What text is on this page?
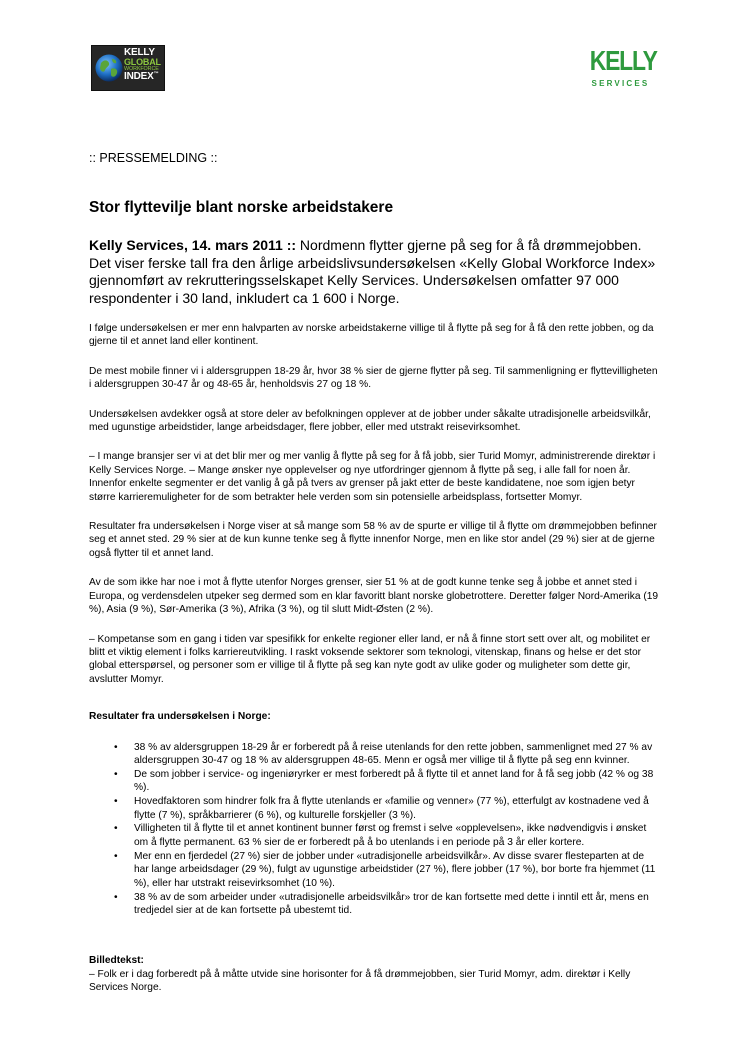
KELLY
GLOBAL
WORKFORCE
INDEX™	KELLY
SERVICES

:: PRESSEMELDING ::

Stor flyttevilje blant norske arbeidstakere

Kelly Services, 14. mars 2011 :: Nordmenn flytter gjerne på seg for å få drømmejobben. Det viser ferske tall fra den årlige arbeidslivsundersøkelsen «Kelly Global Workforce Index» gjennomført av rekrutteringsselskapet Kelly Services. Undersøkelsen omfatter 97 000 respondenter i 30 land, inkludert ca 1 600 i Norge.

I følge undersøkelsen er mer enn halvparten av norske arbeidstakerne villige til å flytte på seg for å få den rette jobben, og da gjerne til et annet land eller kontinent.

De mest mobile finner vi i aldersgruppen 18-29 år, hvor 38 % sier de gjerne flytter på seg. Til sammenligning er flyttevilligheten i aldersgruppen 30-47 år og 48-65 år, henholdsvis 27 og 18 %.

Undersøkelsen avdekker også at store deler av befolkningen opplever at de jobber under såkalte utradisjonelle arbeidsvilkår, med ugunstige arbeidstider, lange arbeidsdager, flere jobber, eller med utstrakt reisevirksomhet.

– I mange bransjer ser vi at det blir mer og mer vanlig å flytte på seg for å få jobb, sier Turid Momyr, administrerende direktør i Kelly Services Norge. – Mange ønsker nye opplevelser og nye utfordringer gjennom å flytte på seg, i alle fall for noen år. Innenfor enkelte segmenter er det vanlig å gå på tvers av grenser på jakt etter de beste kandidatene, noe som igjen betyr større karrieremuligheter for de som betrakter hele verden som sin potensielle arbeidsplass, fortsetter Momyr.

Resultater fra undersøkelsen i Norge viser at så mange som 58 % av de spurte er villige til å flytte om drømmejobben befinner seg et annet sted. 29 % sier at de kun kunne tenke seg å flytte innenfor Norge, men en like stor andel (29 %) sier at de gjerne også flytter til et annet land.

Av de som ikke har noe i mot å flytte utenfor Norges grenser, sier 51 % at de godt kunne tenke seg å jobbe et annet sted i Europa, og verdensdelen utpeker seg dermed som en klar favoritt blant norske globetrottere. Deretter følger Nord-Amerika (19 %), Asia (9 %), Sør-Amerika (3 %), Afrika (3 %), og til slutt Midt-Østen (2 %).

– Kompetanse som en gang i tiden var spesifikk for enkelte regioner eller land, er nå å finne stort sett over alt, og mobilitet er blitt et viktig element i folks karriereutvikling. I raskt voksende sektorer som teknologi, vitenskap, finans og helse er det stor global etterspørsel, og personer som er villige til å flytte på seg kan nyte godt av ulike goder og muligheter som dette gir, avslutter Momyr.

Resultater fra undersøkelsen i Norge:

• 38 % av aldersgruppen 18-29 år er forberedt på å reise utenlands for den rette jobben, sammenlignet med 27 % av aldersgruppen 30-47 og 18 % av aldersgruppen 48-65. Menn er også mer villige til å flytte på seg enn kvinner.
• De som jobber i service- og ingeniøryrker er mest forberedt på å flytte til et annet land for å få seg jobb (42 % og 38 %).
• Hovedfaktoren som hindrer folk fra å flytte utenlands er «familie og venner» (77 %), etterfulgt av kostnadene ved å flytte (7 %), språkbarrierer (6 %), og kulturelle forskjeller (3 %).
• Villigheten til å flytte til et annet kontinent bunner først og fremst i selve «opplevelsen», ikke nødvendigvis i ønsket om å flytte permanent. 63 % sier de er forberedt på å bo utenlands i en periode på 3 år eller kortere.
• Mer enn en fjerdedel (27 %) sier de jobber under «utradisjonelle arbeidsvilkår». Av disse svarer flesteparten at de har lange arbeidsdager (29 %), fulgt av ugunstige arbeidstider (27 %), flere jobber (17 %), bor borte fra hjemmet (11 %), eller har utstrakt reisevirksomhet (10 %).
• 38 % av de som arbeider under «utradisjonelle arbeidsvilkår» tror de kan fortsette med dette i inntil ett år, mens en tredjedel sier at de kan fortsette på ubestemt tid.

Billedtekst:

– Folk er i dag forberedt på å måtte utvide sine horisonter for å få drømmejobben, sier Turid Momyr, adm. direktør i Kelly Services Norge.
